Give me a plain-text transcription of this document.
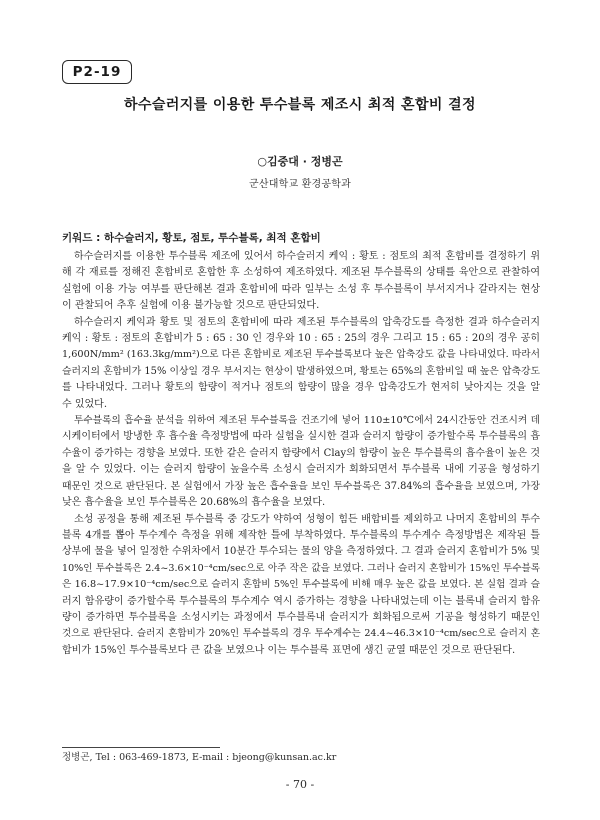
P2-19
하수슬러지를 이용한 투수블록 제조시 최적 혼합비 결정
○김중대 · 정병곤
군산대학교 환경공학과
키워드 : 하수슬러지, 황토, 점토, 투수블록, 최적 혼합비
하수슬러지를 이용한 투수블록 제조에 있어서 하수슬러지 케익 : 황토 : 점토의 최적 혼합비를 결정하기 위
해 각 재료를 정해진 혼합비로 혼합한 후 소성하여 제조하였다. 제조된 투수블록의 상태를 육안으로 관찰하여
실험에 이용 가능 여부를 판단해본 결과 혼합비에 따라 일부는 소성 후 투수블록이 부서지거나 갈라지는 현상
이 관찰되어 추후 실험에 이용 불가능할 것으로 판단되었다.
하수슬러지 케익과 황토 및 점토의 혼합비에 따라 제조된 투수블록의 압축강도를 측정한 결과 하수슬러지
케익 : 황토 : 점토의 혼합비가 5 : 65 : 30 인 경우와 10 : 65 : 25의 경우 그리고 15 : 65 : 20의 경우 공히
1,600N/mm² (163.3kg/mm²)으로 다른 혼합비로 제조된 투수블록보다 높은 압축강도 값을 나타내었다. 따라서
슬러지의 혼합비가 15% 이상일 경우 부서지는 현상이 발생하였으며, 황토는 65%의 혼합비일 때 높은 압축강도
를 나타내었다. 그러나 황토의 함량이 적거나 점토의 함량이 많을 경우 압축강도가 현저히 낮아지는 것을 알
수 있었다.
투수블록의 흡수율 분석을 위하여 제조된 투수블록을 건조기에 넣어 110±10℃에서 24시간동안 건조시켜 데
시케이터에서 방냉한 후 흡수율 측정방법에 따라 실험을 실시한 결과 슬러지 함량이 증가할수록 투수블록의 흡
수율이 증가하는 경향을 보였다. 또한 같은 슬러지 함량에서 Clay의 함량이 높은 투수블록의 흡수율이 높은 것
을 알 수 있었다. 이는 슬러지 함량이 높을수록 소성시 슬러지가 회화되면서 투수블록 내에 기공을 형성하기
때문인 것으로 판단된다. 본 실험에서 가장 높은 흡수율을 보인 투수블록은 37.84%의 흡수율을 보였으며, 가장
낮은 흡수율을 보인 투수블록은 20.68%의 흡수율을 보였다.
소성 공정을 통해 제조된 투수블록 중 강도가 약하여 성형이 힘든 배합비를 제외하고 나머지 혼합비의 투수
블록 4개를 뽑아 투수계수 측정을 위해 제작한 틀에 부착하였다. 투수블록의 투수계수 측정방법은 제작된 틀
상부에 물을 넣어 일정한 수위차에서 10분간 투수되는 물의 양을 측정하였다. 그 결과 슬러지 혼합비가 5% 및
10%인 투수블록은 2.4~3.6×10⁻⁴cm/sec으로 아주 작은 값을 보였다. 그러나 슬러지 혼합비가 15%인 투수블록
은 16.8~17.9×10⁻⁴cm/sec으로 슬러지 혼합비 5%인 투수블록에 비해 매우 높은 값을 보였다. 본 실험 결과 슬
러지 함유량이 증가할수록 투수블록의 투수계수 역시 증가하는 경향을 나타내었는데 이는 블록내 슬러지 함유
량이 증가하면 투수블록을 소성시키는 과정에서 투수블록내 슬러지가 회화됨으로써 기공을 형성하기 때문인
것으로 판단된다. 슬러지 혼합비가 20%인 투수블록의 경우 투수계수는 24.4~46.3×10⁻⁴cm/sec으로 슬러지 혼
합비가 15%인 투수블록보다 큰 값을 보였으나 이는 투수블록 표면에 생긴 균열 때문인 것으로 판단된다.
정병곤, Tel : 063-469-1873, E-mail : bjeong@kunsan.ac.kr
- 70 -
